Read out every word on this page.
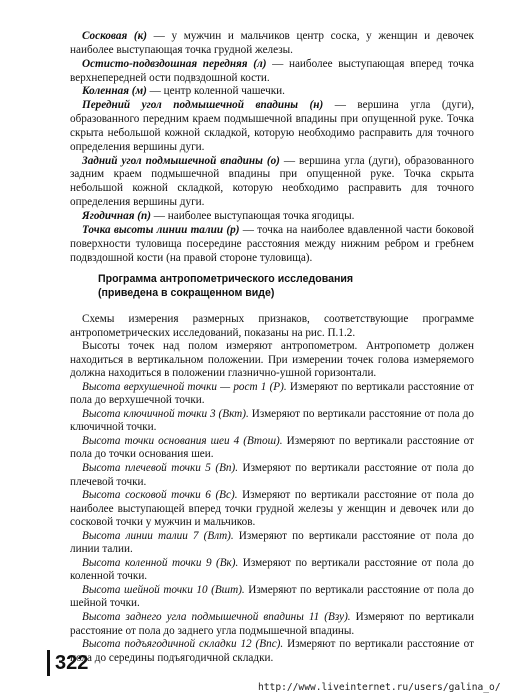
Сосковая (к) — у мужчин и мальчиков центр соска, у женщин и девочек наиболее выступающая точка грудной железы.

Остисто-подвздошная передняя (л) — наиболее выступающая вперед точка верхнепередней ости подвздошной кости.

Коленная (м) — центр коленной чашечки.

Передний угол подмышечной впадины (н) — вершина угла (дуги), образованного передним краем подмышечной впадины при опущенной руке. Точка скрыта небольшой кожной складкой, которую необходимо расправить для точного определения вершины дуги.

Задний угол подмышечной впадины (о) — вершина угла (дуги), образованного задним краем подмышечной впадины при опущенной руке. Точка скрыта небольшой кожной складкой, которую необходимо расправить для точного определения вершины дуги.

Ягодичная (п) — наиболее выступающая точка ягодицы.

Точка высоты линии талии (р) — точка на наиболее вдавленной части боковой поверхности туловища посередине расстояния между нижним ребром и гребнем подвздошной кости (на правой стороне туловища).

Программа антропометрического исследования
(приведена в сокращенном виде)

Схемы измерения размерных признаков, соответствующие программе антропометрических исследований, показаны на рис. П.1.2.

Высоты точек над полом измеряют антропометром. Антропометр должен находиться в вертикальном положении. При измерении точек голова измеряемого должна находиться в положении глазнично-ушной горизонтали.

Высота верхушечной точки — рост 1 (Р). Измеряют по вертикали расстояние от пола до верхушечной точки.

Высота ключичной точки 3 (Вкт). Измеряют по вертикали расстояние от пола до ключичной точки.

Высота точки основания шеи 4 (Втош). Измеряют по вертикали расстояние от пола до точки основания шеи.

Высота плечевой точки 5 (Вп). Измеряют по вертикали расстояние от пола до плечевой точки.

Высота сосковой точки 6 (Вс). Измеряют по вертикали расстояние от пола до наиболее выступающей вперед точки грудной железы у женщин и девочек или до сосковой точки у мужчин и мальчиков.

Высота линии талии 7 (Влт). Измеряют по вертикали расстояние от пола до линии талии.

Высота коленной точки 9 (Вк). Измеряют по вертикали расстояние от пола до коленной точки.

Высота шейной точки 10 (Вшт). Измеряют по вертикали расстояние от пола до шейной точки.

Высота заднего угла подмышечной впадины 11 (Взу). Измеряют по вертикали расстояние от пола до заднего угла подмышечной впадины.

Высота подъягодичной складки 12 (Впс). Измеряют по вертикали расстояние от пола до середины подъягодичной складки.

322
http://www.liveinternet.ru/users/galina_o/
